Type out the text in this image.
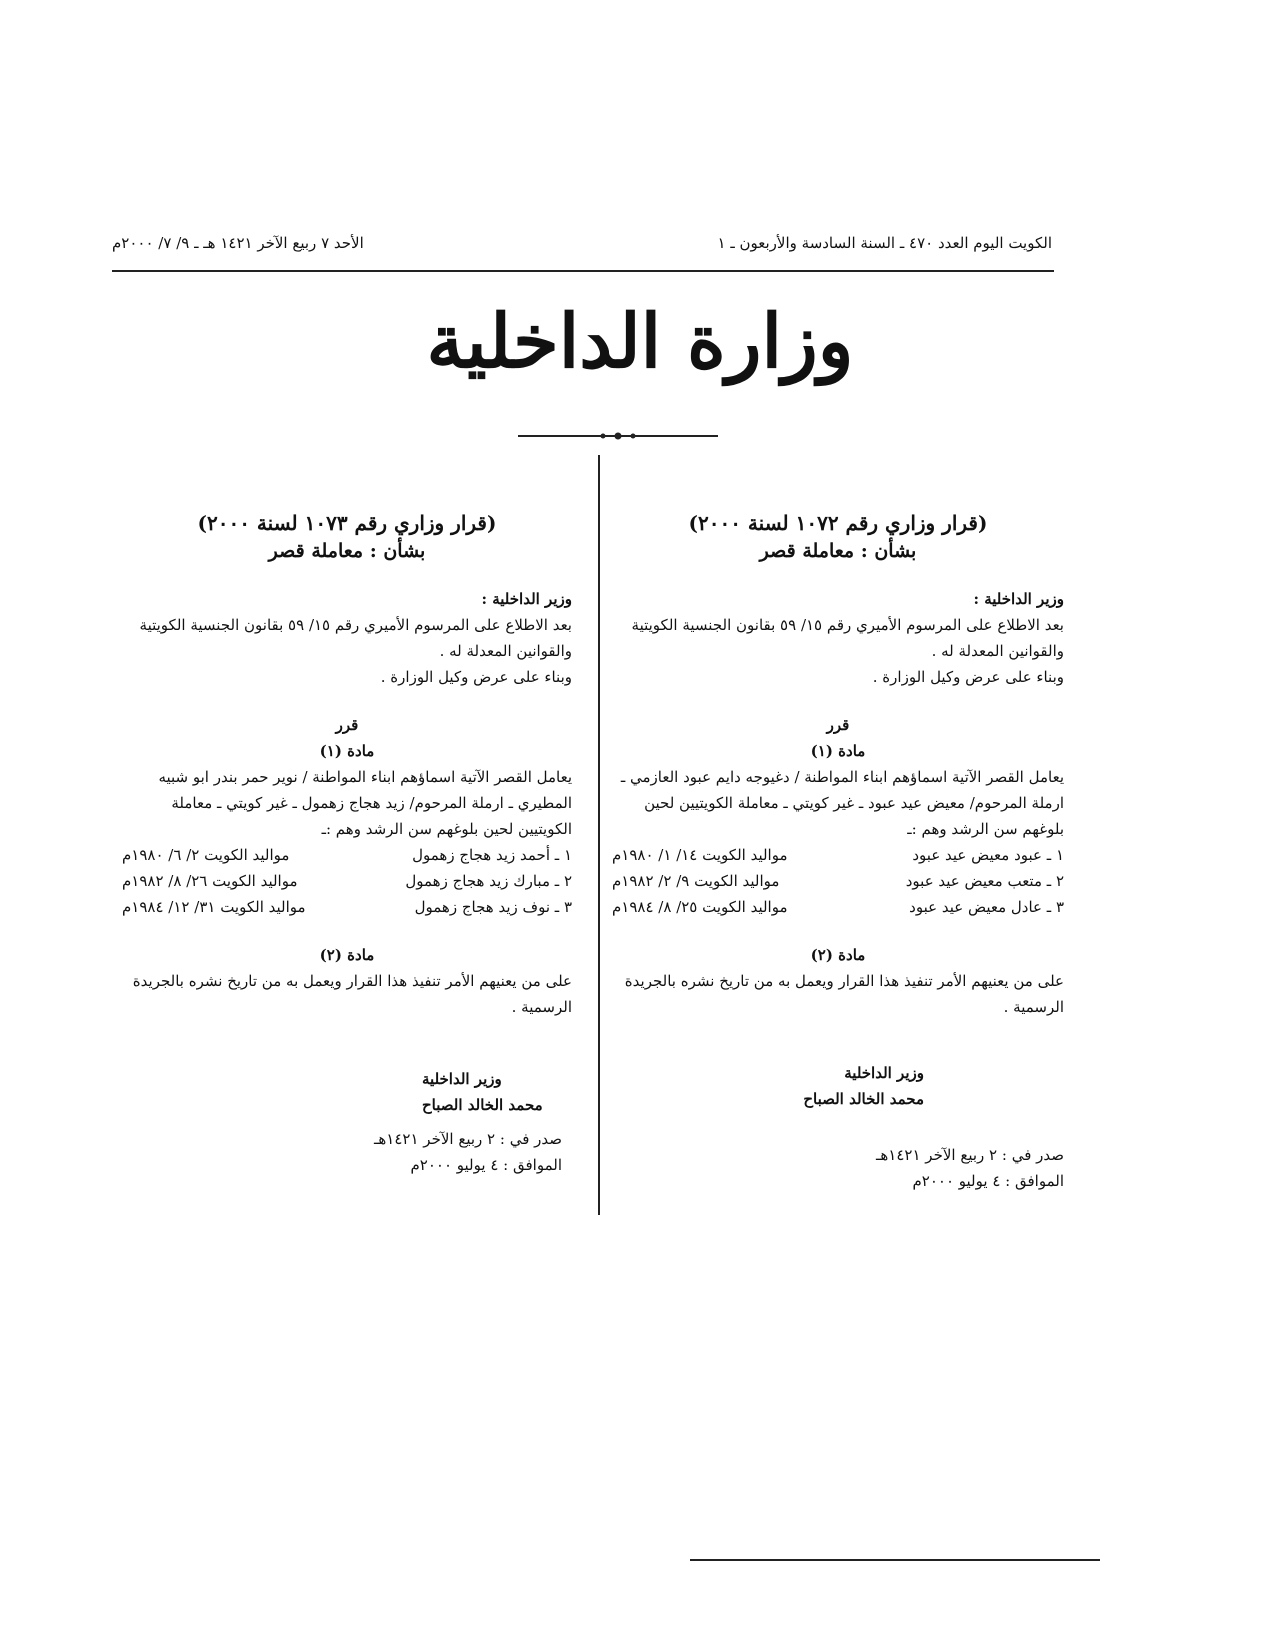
الكويت اليوم العدد ٤٧٠ ـ السنة السادسة والأربعون ـ ١
الأحد ٧ ربيع الآخر ١٤٢١ هـ ـ ٩/ ٧/ ٢٠٠٠م
وزارة الداخلية
(قرار وزاري رقم ١٠٧٢ لسنة ٢٠٠٠)
بشأن : معاملة قصر

وزير الداخلية :

بعد الاطلاع على المرسوم الأميري رقم ١٥/ ٥٩ بقانون الجنسية الكويتية والقوانين المعدلة له .

وبناء على عرض وكيل الوزارة .

قرر
مادة (١)

يعامل القصر الآتية اسماؤهم ابناء المواطنة / دغيوجه دايم عبود العازمي ـ ارملة المرحوم/ معيض عيد عبود ـ غير كويتي ـ معاملة الكويتيين لحين بلوغهم سن الرشد وهم :ـ

١ ـ عبود معيض عيد عبود
مواليد الكويت ١٤/ ١/ ١٩٨٠م
٢ ـ متعب معيض عيد عبود
مواليد الكويت ٩/ ٢/ ١٩٨٢م
٣ ـ عادل معيض عيد عبود
مواليد الكويت ٢٥/ ٨/ ١٩٨٤م
مادة (٢)

على من يعنيهم الأمر تنفيذ هذا القرار ويعمل به من تاريخ نشره بالجريدة الرسمية .

وزير الداخلية
محمد الخالد الصباح
صدر في : ٢ ربيع الآخر ١٤٢١هـ
الموافق : ٤ يوليو ٢٠٠٠م
(قرار وزاري رقم ١٠٧٣ لسنة ٢٠٠٠)
بشأن : معاملة قصر

وزير الداخلية :

بعد الاطلاع على المرسوم الأميري رقم ١٥/ ٥٩ بقانون الجنسية الكويتية والقوانين المعدلة له .

وبناء على عرض وكيل الوزارة .

قرر
مادة (١)

يعامل القصر الآتية اسماؤهم ابناء المواطنة / نوير حمر بندر ابو شبيه المطيري ـ ارملة المرحوم/ زيد هجاج زهمول ـ غير كويتي ـ معاملة الكويتيين لحين بلوغهم سن الرشد وهم :ـ

١ ـ أحمد زيد هجاج زهمول
مواليد الكويت ٢/ ٦/ ١٩٨٠م
٢ ـ مبارك زيد هجاج زهمول
مواليد الكويت ٢٦/ ٨/ ١٩٨٢م
٣ ـ نوف زيد هجاج زهمول
مواليد الكويت ٣١/ ١٢/ ١٩٨٤م
مادة (٢)

على من يعنيهم الأمر تنفيذ هذا القرار ويعمل به من تاريخ نشره بالجريدة الرسمية .

وزير الداخلية
محمد الخالد الصباح
صدر في : ٢ ربيع الآخر ١٤٢١هـ
الموافق : ٤ يوليو ٢٠٠٠م
